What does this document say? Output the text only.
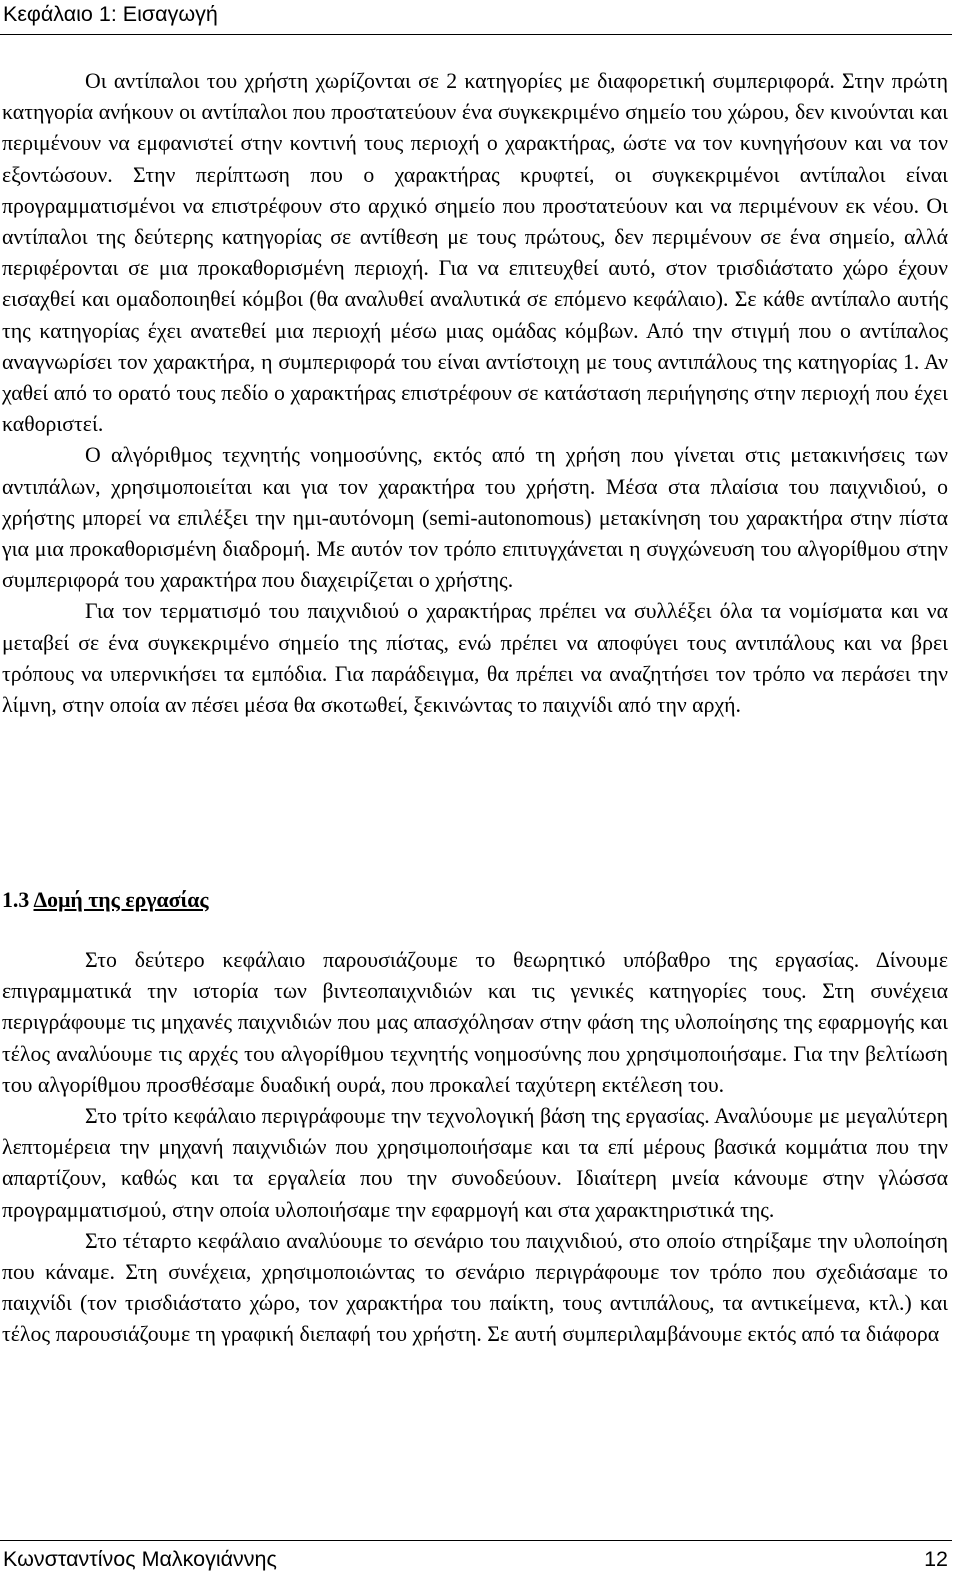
Κεφάλαιο 1: Εισαγωγή

Οι αντίπαλοι του χρήστη χωρίζονται σε 2 κατηγορίες με διαφορετική συμπεριφορά. Στην πρώτη κατηγορία ανήκουν οι αντίπαλοι που προστατεύουν ένα συγκεκριμένο σημείο του χώρου, δεν κινούνται και περιμένουν να εμφανιστεί στην κοντινή τους περιοχή ο χαρακτήρας, ώστε να τον κυνηγήσουν και να τον εξοντώσουν. Στην περίπτωση που ο χαρακτήρας κρυφτεί, οι συγκεκριμένοι αντίπαλοι είναι προγραμματισμένοι να επιστρέφουν στο αρχικό σημείο που προστατεύουν και να περιμένουν εκ νέου. Οι αντίπαλοι της δεύτερης κατηγορίας σε αντίθεση με τους πρώτους, δεν περιμένουν σε ένα σημείο, αλλά περιφέρονται σε μια προκαθορισμένη περιοχή. Για να επιτευχθεί αυτό, στον τρισδιάστατο χώρο έχουν εισαχθεί και ομαδοποιηθεί κόμβοι (θα αναλυθεί αναλυτικά σε επόμενο κεφάλαιο). Σε κάθε αντίπαλο αυτής της κατηγορίας έχει ανατεθεί μια περιοχή μέσω μιας ομάδας κόμβων. Από την στιγμή που ο αντίπαλος αναγνωρίσει τον χαρακτήρα, η συμπεριφορά του είναι αντίστοιχη με τους αντιπάλους της κατηγορίας 1. Αν χαθεί από το ορατό τους πεδίο ο χαρακτήρας επιστρέφουν σε κατάσταση περιήγησης στην περιοχή που έχει καθοριστεί.

Ο αλγόριθμος τεχνητής νοημοσύνης, εκτός από τη χρήση που γίνεται στις μετακινήσεις των αντιπάλων, χρησιμοποιείται και για τον χαρακτήρα του χρήστη. Μέσα στα πλαίσια του παιχνιδιού, ο χρήστης μπορεί να επιλέξει την ημι-αυτόνομη (semi-autonomous) μετακίνηση του χαρακτήρα στην πίστα για μια προκαθορισμένη διαδρομή. Με αυτόν τον τρόπο επιτυγχάνεται η συγχώνευση του αλγορίθμου στην συμπεριφορά του χαρακτήρα που διαχειρίζεται ο χρήστης.

Για τον τερματισμό του παιχνιδιού ο χαρακτήρας πρέπει να συλλέξει όλα τα νομίσματα και να μεταβεί σε ένα συγκεκριμένο σημείο της πίστας, ενώ πρέπει να αποφύγει τους αντιπάλους και να βρει τρόπους να υπερνικήσει τα εμπόδια. Για παράδειγμα, θα πρέπει να αναζητήσει τον τρόπο να περάσει την λίμνη, στην οποία αν πέσει μέσα θα σκοτωθεί, ξεκινώντας το παιχνίδι από την αρχή.

1.3 Δομή της εργασίας

Στο δεύτερο κεφάλαιο παρουσιάζουμε το θεωρητικό υπόβαθρο της εργασίας. Δίνουμε επιγραμματικά την ιστορία των βιντεοπαιχνιδιών και τις γενικές κατηγορίες τους. Στη συνέχεια περιγράφουμε τις μηχανές παιχνιδιών που μας απασχόλησαν στην φάση της υλοποίησης της εφαρμογής και τέλος αναλύουμε τις αρχές του αλγορίθμου τεχνητής νοημοσύνης που χρησιμοποιήσαμε. Για την βελτίωση του αλγορίθμου προσθέσαμε δυαδική ουρά, που προκαλεί ταχύτερη εκτέλεση του.

Στο τρίτο κεφάλαιο περιγράφουμε την τεχνολογική βάση της εργασίας. Αναλύουμε με μεγαλύτερη λεπτομέρεια την μηχανή παιχνιδιών που χρησιμοποιήσαμε και τα επί μέρους βασικά κομμάτια που την απαρτίζουν, καθώς και τα εργαλεία που την συνοδεύουν. Ιδιαίτερη μνεία κάνουμε στην γλώσσα προγραμματισμού, στην οποία υλοποιήσαμε την εφαρμογή και στα χαρακτηριστικά της.

Στο τέταρτο κεφάλαιο αναλύουμε το σενάριο του παιχνιδιού, στο οποίο στηρίξαμε την υλοποίηση που κάναμε. Στη συνέχεια, χρησιμοποιώντας το σενάριο περιγράφουμε τον τρόπο που σχεδιάσαμε το παιχνίδι (τον τρισδιάστατο χώρο, τον χαρακτήρα του παίκτη, τους αντιπάλους, τα αντικείμενα, κτλ.) και τέλος παρουσιάζουμε τη γραφική διεπαφή του χρήστη. Σε αυτή συμπεριλαμβάνουμε εκτός από τα διάφορα

Κωνσταντίνος Μαλκογιάννης	12
